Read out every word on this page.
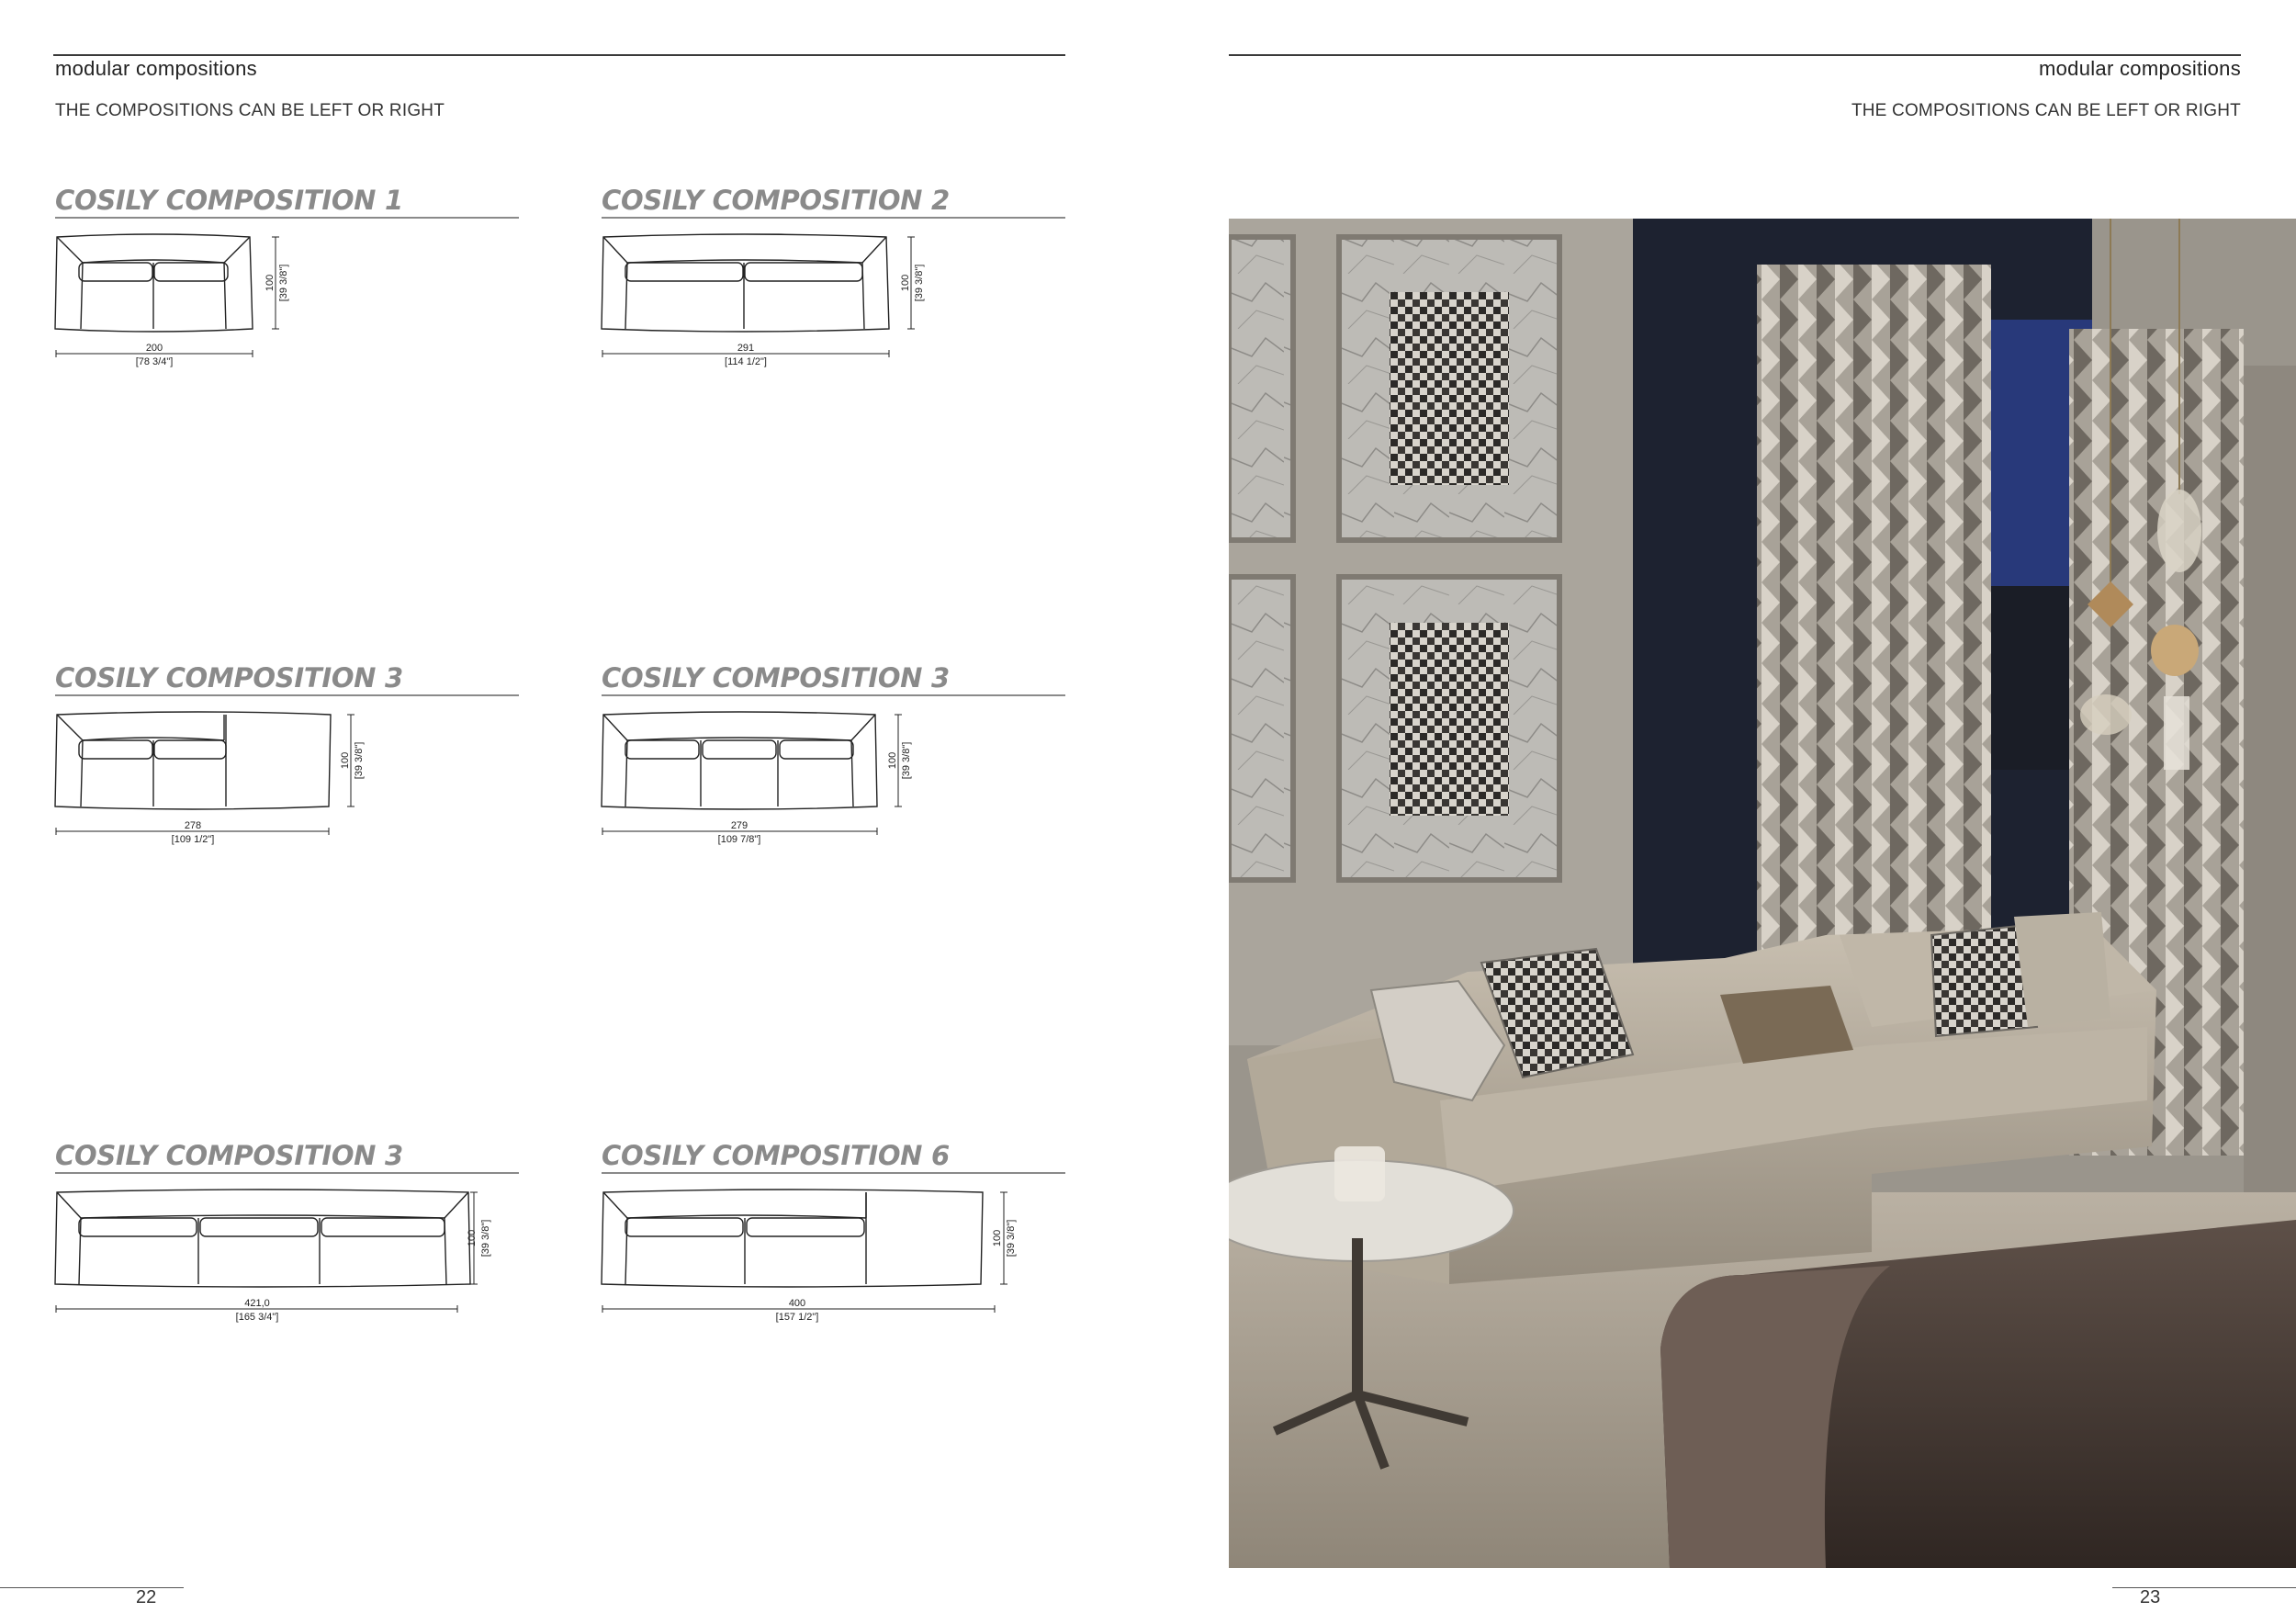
modular compositions
THE COMPOSITIONS CAN BE LEFT OR RIGHT
modular compositions
THE COMPOSITIONS CAN BE LEFT OR RIGHT
COSILY COMPOSITION 1
200
[78 3/4"]
100 [39 3/8"]
COSILY COMPOSITION 2
291
[114 1/2"]
100 [39 3/8"]
COSILY COMPOSITION 3
278
[109 1/2"]
100 [39 3/8"]
COSILY COMPOSITION 3
279
[109 7/8"]
100 [39 3/8"]
COSILY COMPOSITION 3
421,0
[165 3/4"]
100 [39 3/8"]
COSILY COMPOSITION 6
400
[157 1/2"]
100 [39 3/8"]
22	23
